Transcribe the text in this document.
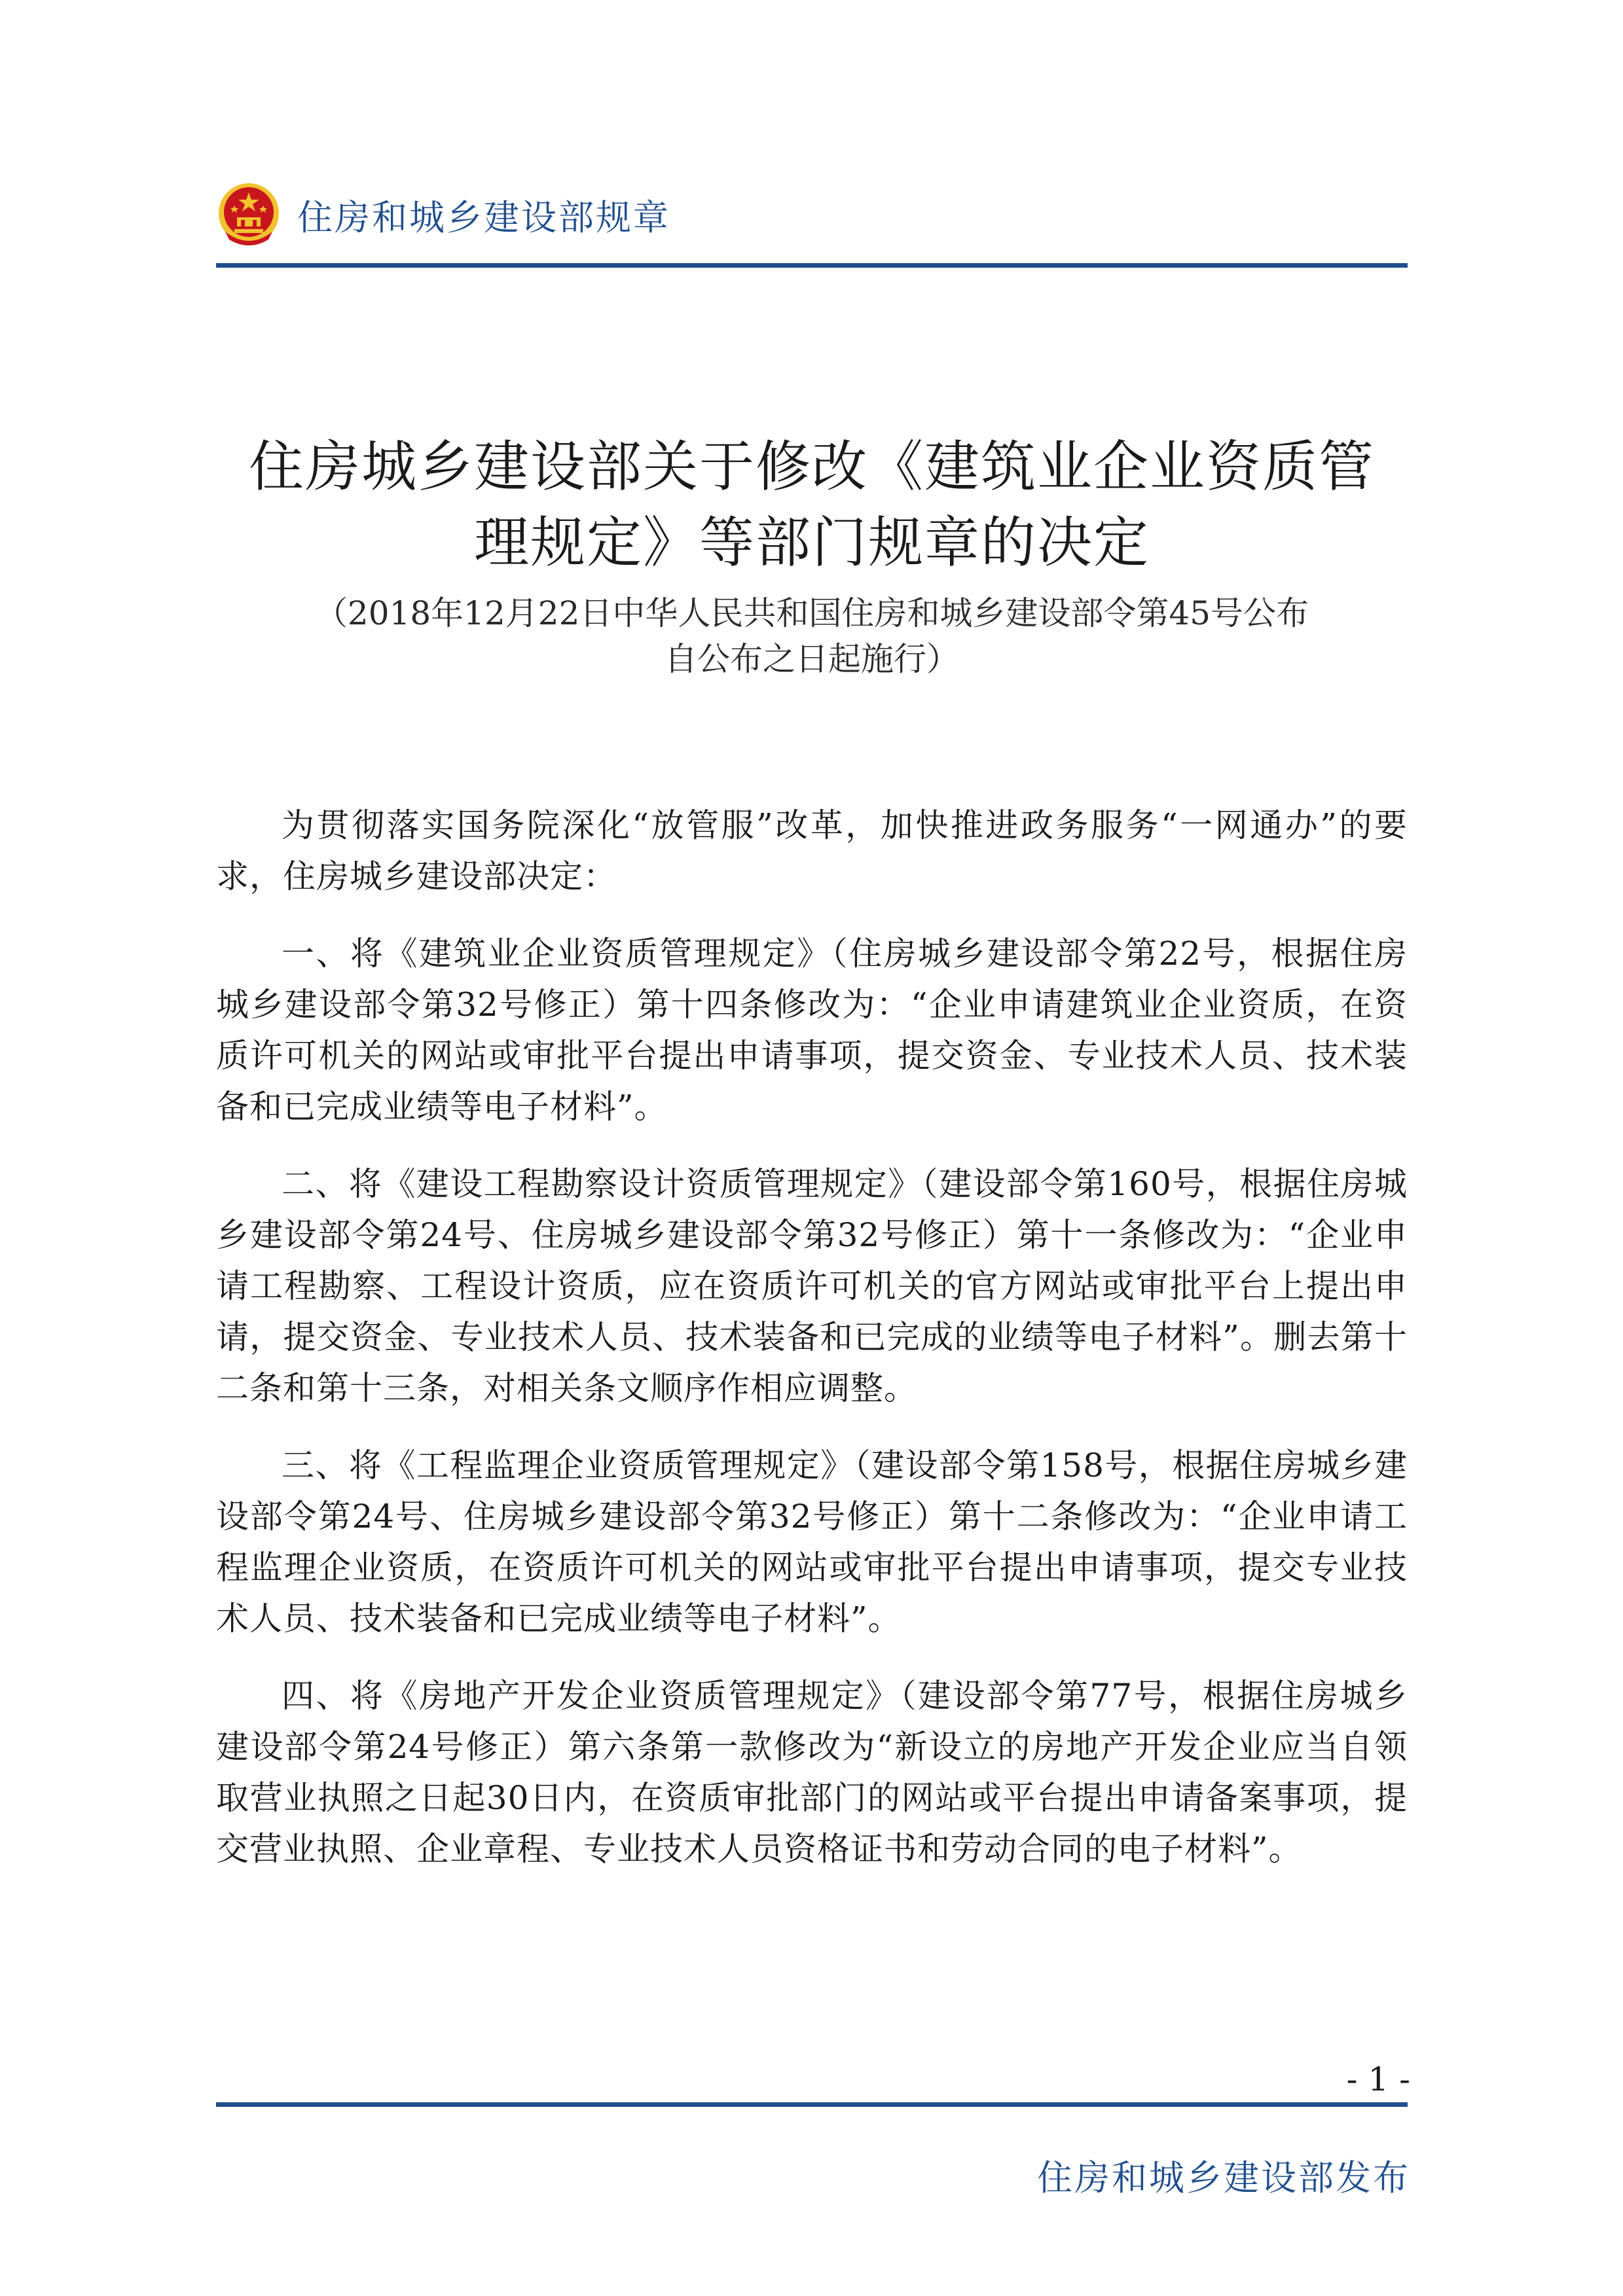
住房和城乡建设部规章
住房城乡建设部关于修改《建筑业企业资质管
理规定》等部门规章的决定
（2018年12月22日中华人民共和国住房和城乡建设部令第45号公布
自公布之日起施行）

为贯彻落实国务院深化“放管服”改革，加快推进政务服务“一网通办”的要求，住房城乡建设部决定：

一、将《建筑业企业资质管理规定》（住房城乡建设部令第22号，根据住房城乡建设部令第32号修正）第十四条修改为：“企业申请建筑业企业资质，在资质许可机关的网站或审批平台提出申请事项，提交资金、专业技术人员、技术装备和已完成业绩等电子材料”。

二、将《建设工程勘察设计资质管理规定》（建设部令第160号，根据住房城乡建设部令第24号、住房城乡建设部令第32号修正）第十一条修改为：“企业申请工程勘察、工程设计资质，应在资质许可机关的官方网站或审批平台上提出申请，提交资金、专业技术人员、技术装备和已完成的业绩等电子材料”。删去第十二条和第十三条，对相关条文顺序作相应调整。

三、将《工程监理企业资质管理规定》（建设部令第158号，根据住房城乡建设部令第24号、住房城乡建设部令第32号修正）第十二条修改为：“企业申请工程监理企业资质，在资质许可机关的网站或审批平台提出申请事项，提交专业技术人员、技术装备和已完成业绩等电子材料”。

四、将《房地产开发企业资质管理规定》（建设部令第77号，根据住房城乡建设部令第24号修正）第六条第一款修改为“新设立的房地产开发企业应当自领取营业执照之日起30日内，在资质审批部门的网站或平台提出申请备案事项，提交营业执照、企业章程、专业技术人员资格证书和劳动合同的电子材料”。

- 1 -
住房和城乡建设部发布
